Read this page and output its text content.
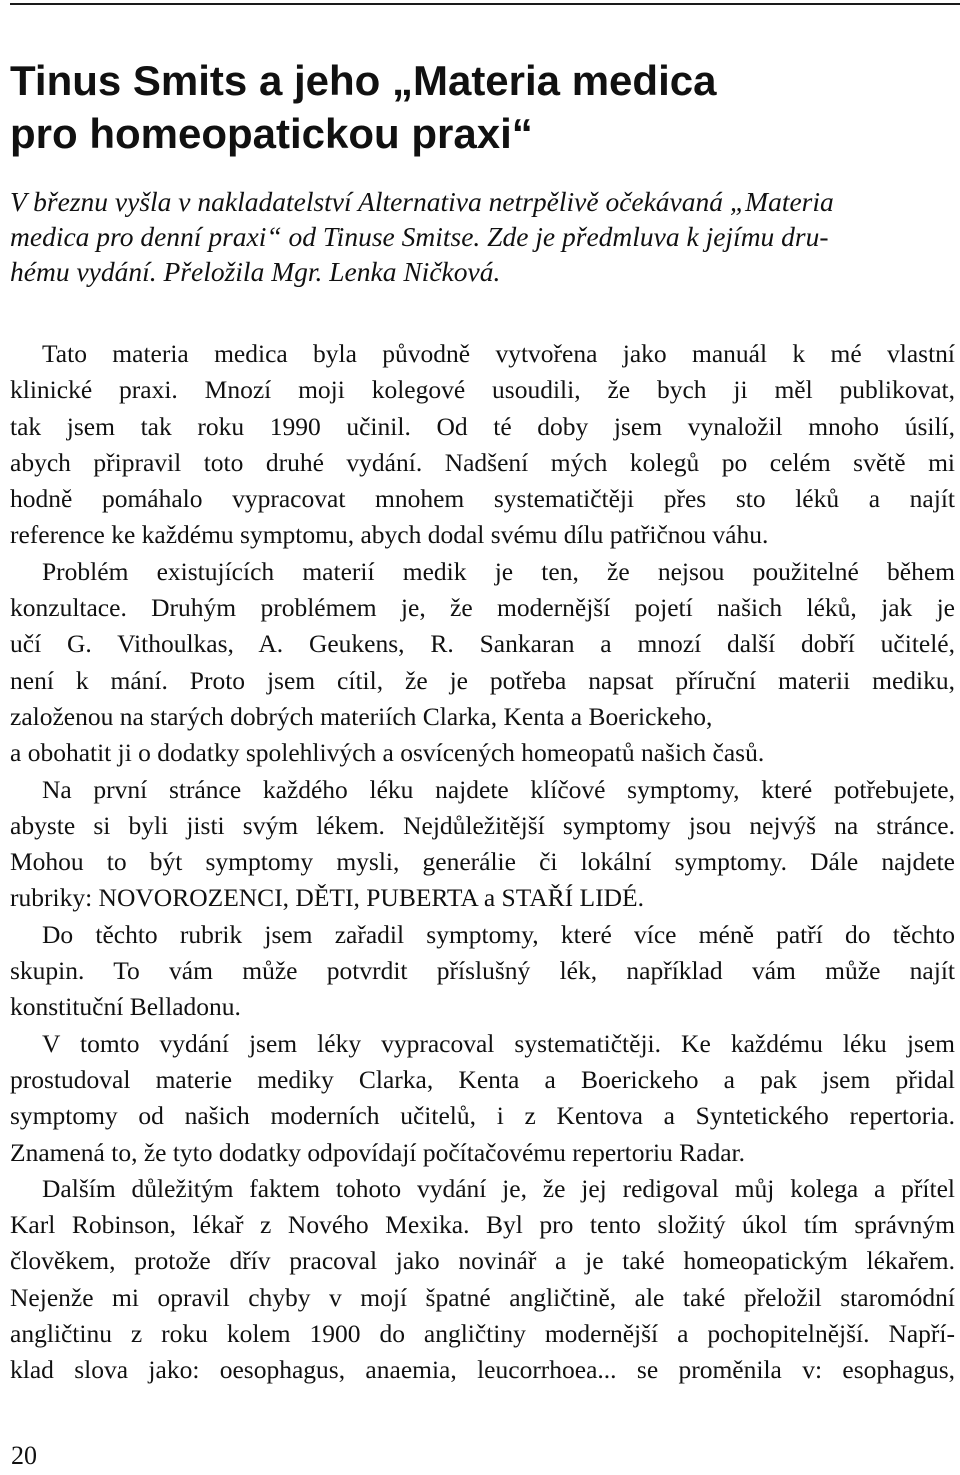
Tinus Smits a jeho „Materia medica
pro homeopatickou praxi“

V březnu vyšla v nakladatelství Alternativa netrpělivě očekávaná „Materia
medica pro denní praxi“ od Tinuse Smitse. Zde je předmluva k jejímu dru-
hému vydání. Přeložila Mgr. Lenka Ničková.

Tato materia medica byla původně vytvořena jako manuál k mé vlastní
klinické praxi. Mnozí moji kolegové usoudili, že bych ji měl publikovat,
tak jsem tak roku 1990 učinil. Od té doby jsem vynaložil mnoho úsilí,
abych připravil toto druhé vydání. Nadšení mých kolegů po celém světě mi
hodně pomáhalo vypracovat mnohem systematičtěji přes sto léků a najít
reference ke každému symptomu, abych dodal svému dílu patřičnou váhu.
Problém existujících materií medik je ten, že nejsou použitelné během
konzultace. Druhým problémem je, že modernější pojetí našich léků, jak je
učí G. Vithoulkas, A. Geukens, R. Sankaran a mnozí další dobří učitelé,
není k mání. Proto jsem cítil, že je potřeba napsat příruční materii mediku,
založenou na starých dobrých materiích Clarka, Kenta a Boerickeho,
a obohatit ji o dodatky spolehlivých a osvícených homeopatů našich časů.
Na první stránce každého léku najdete klíčové symptomy, které potřebujete,
abyste si byli jisti svým lékem. Nejdůležitější symptomy jsou nejvýš na stránce.
Mohou to být symptomy mysli, generálie či lokální symptomy. Dále najdete
rubriky: NOVOROZENCI, DĚTI, PUBERTA a STAŘÍ LIDÉ.
Do těchto rubrik jsem zařadil symptomy, které více méně patří do těchto
skupin. To vám může potvrdit příslušný lék, například vám může najít
konstituční Belladonu.
V tomto vydání jsem léky vypracoval systematičtěji. Ke každému léku jsem
prostudoval materie mediky Clarka, Kenta a Boerickeho a pak jsem přidal
symptomy od našich moderních učitelů, i z Kentova a Syntetického repertoria.
Znamená to, že tyto dodatky odpovídají počítačovému repertoriu Radar.
Dalším důležitým faktem tohoto vydání je, že jej redigoval můj kolega a přítel
Karl Robinson, lékař z Nového Mexika. Byl pro tento složitý úkol tím správným
člověkem, protože dřív pracoval jako novinář a je také homeopatickým lékařem.
Nejenže mi opravil chyby v mojí špatné angličtině, ale také přeložil staromódní
angličtinu z roku kolem 1900 do angličtiny modernější a pochopitelnější. Napří-
klad slova jako: oesophagus, anaemia, leucorrhoea... se proměnila v: esophagus,
20
